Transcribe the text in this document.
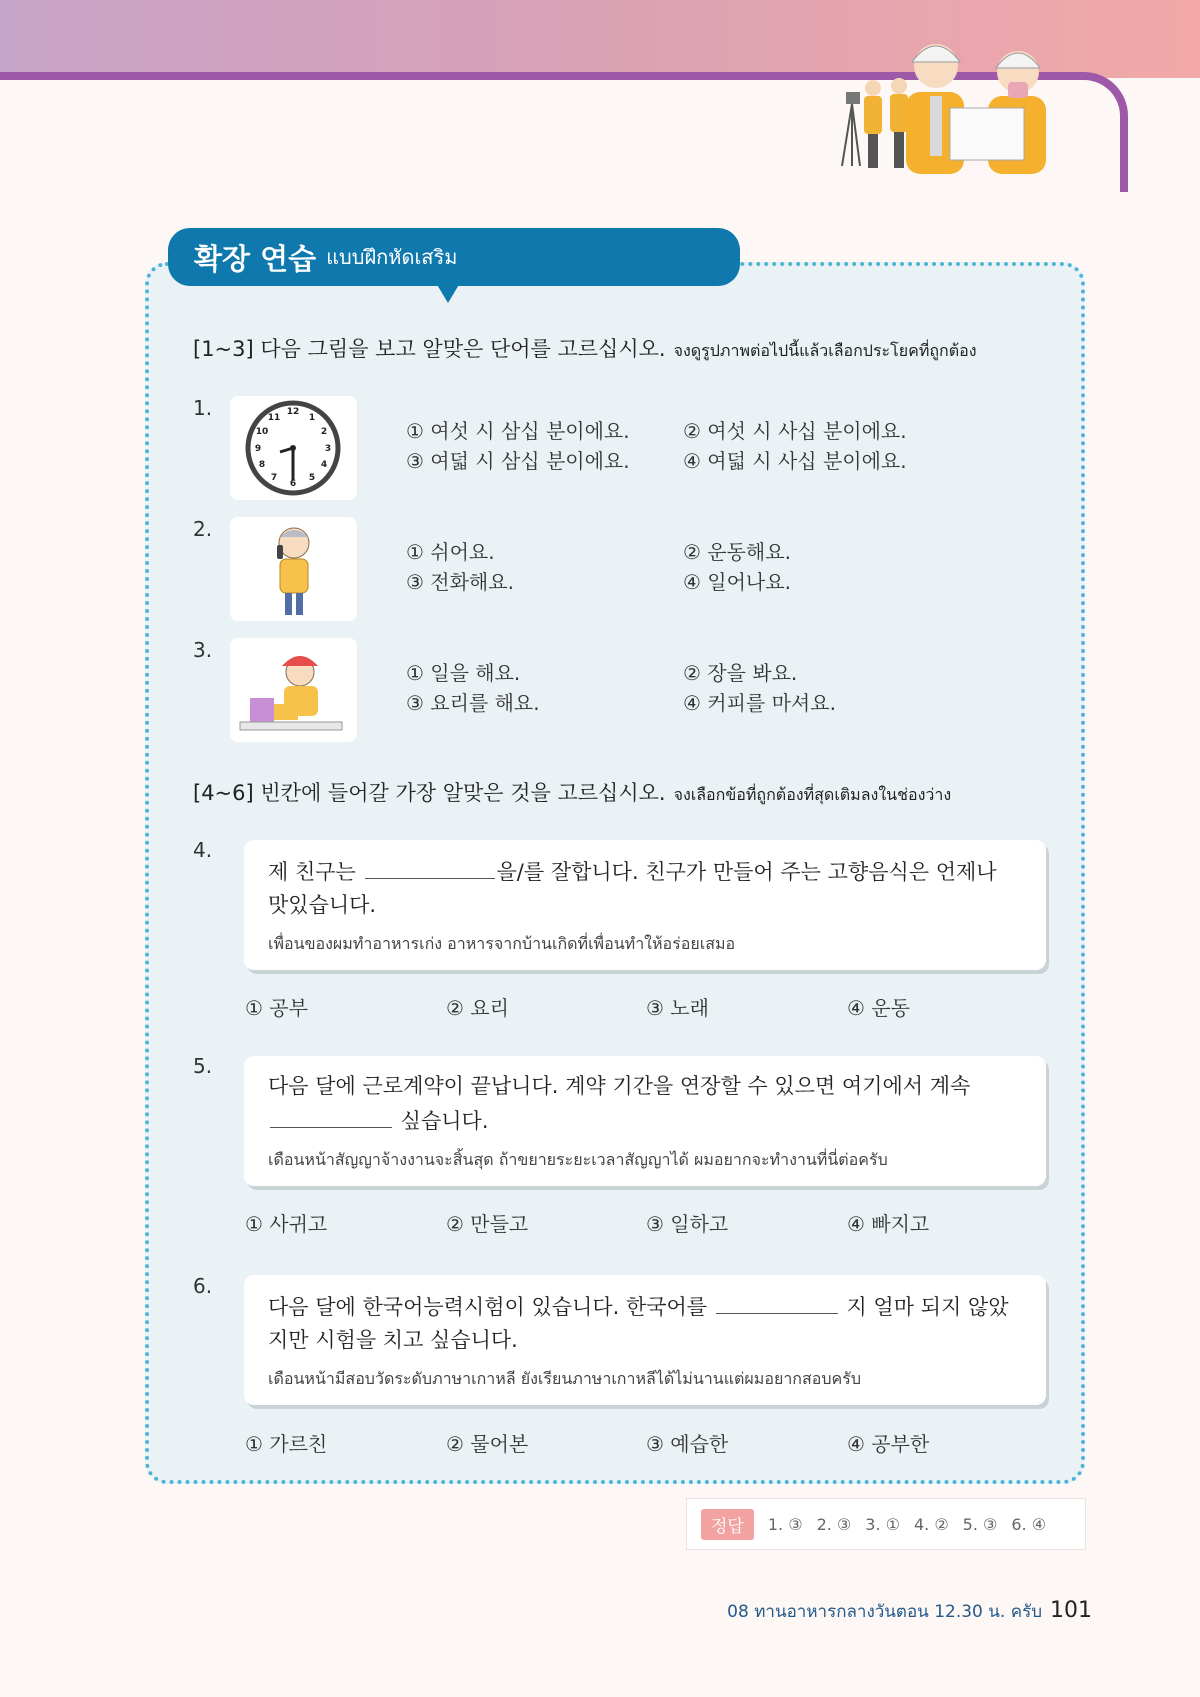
확장 연습 แบบฝึกหัดเสริม
[1~3] 다음 그림을 보고 알맞은 단어를 고르십시오. จงดูรูปภาพต่อไปนี้แล้วเลือกประโยคที่ถูกต้อง
1.	12
1
2
3
4
5
6
7
8
9
10
11
① 여섯 시 삼십 분이에요.	② 여섯 시 사십 분이에요.
③ 여덟 시 삼십 분이에요.	④ 여덟 시 사십 분이에요.
2.
① 쉬어요.	② 운동해요.
③ 전화해요.	④ 일어나요.
3.
① 일을 해요.	② 장을 봐요.
③ 요리를 해요.	④ 커피를 마셔요.
[4~6] 빈칸에 들어갈 가장 알맞은 것을 고르십시오. จงเลือกข้อที่ถูกต้องที่สุดเติมลงในช่องว่าง
4.
제 친구는	을/를 잘합니다. 친구가 만들어 주는 고향음식은 언제나 맛있습니다.
เพื่อนของผมทำอาหารเก่ง อาหารจากบ้านเกิดที่เพื่อนทำให้อร่อยเสมอ
① 공부	② 요리	③ 노래	④ 운동
5.
다음 달에 근로계약이 끝납니다. 계약 기간을 연장할 수 있으면 여기에서 계속
싶습니다.
เดือนหน้าสัญญาจ้างงานจะสิ้นสุด ถ้าขยายระยะเวลาสัญญาได้ ผมอยากจะทำงานที่นี่ต่อครับ
① 사귀고	② 만들고	③ 일하고	④ 빠지고
6.
다음 달에 한국어능력시험이 있습니다. 한국어를	지 얼마 되지 않았지만 시험을 치고 싶습니다.
เดือนหน้ามีสอบวัดระดับภาษาเกาหลี ยังเรียนภาษาเกาหลีได้ไม่นานแต่ผมอยากสอบครับ
① 가르친	② 물어본	③ 예습한	④ 공부한
정답	1. ③ 2. ③ 3. ① 4. ② 5. ③ 6. ④
08 ทานอาหารกลางวันตอน 12.30 น. ครับ 101
